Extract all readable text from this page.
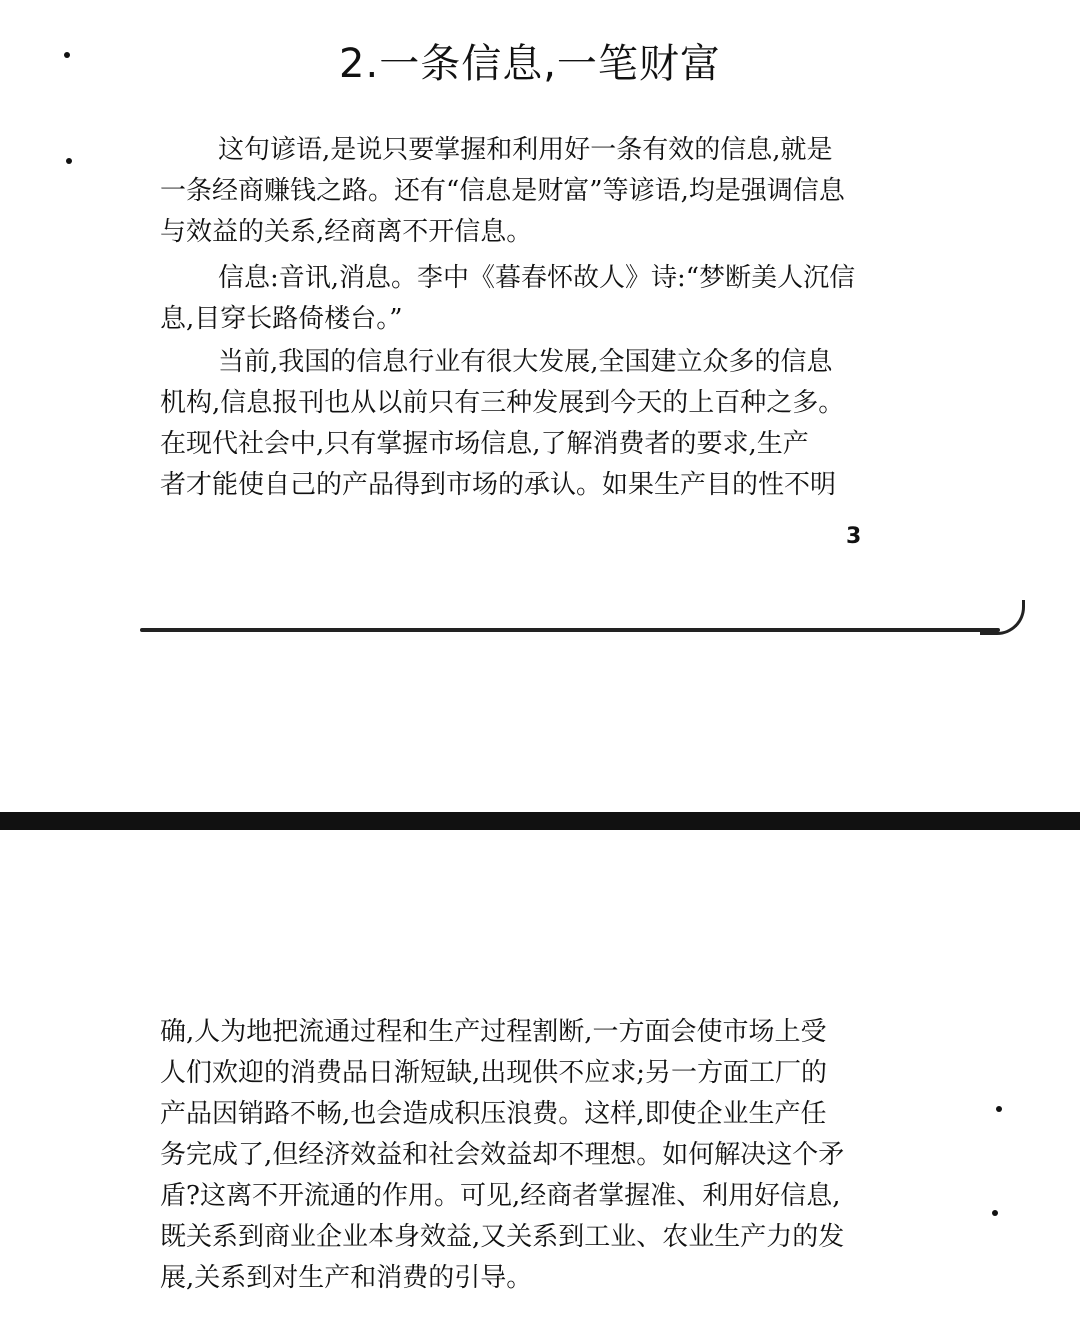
2.一条信息,一笔财富
这句谚语,是说只要掌握和利用好一条有效的信息,就是
一条经商赚钱之路。还有“信息是财富”等谚语,均是强调信息
与效益的关系,经商离不开信息。
信息:音讯,消息。李中《暮春怀故人》诗:“梦断美人沉信
息,目穿长路倚楼台。”
当前,我国的信息行业有很大发展,全国建立众多的信息
机构,信息报刊也从以前只有三种发展到今天的上百种之多。
在现代社会中,只有掌握市场信息,了解消费者的要求,生产
者才能使自己的产品得到市场的承认。如果生产目的性不明
3
确,人为地把流通过程和生产过程割断,一方面会使市场上受
人们欢迎的消费品日渐短缺,出现供不应求;另一方面工厂的
产品因销路不畅,也会造成积压浪费。这样,即使企业生产任
务完成了,但经济效益和社会效益却不理想。如何解决这个矛
盾?这离不开流通的作用。可见,经商者掌握准、利用好信息,
既关系到商业企业本身效益,又关系到工业、农业生产力的发
展,关系到对生产和消费的引导。
